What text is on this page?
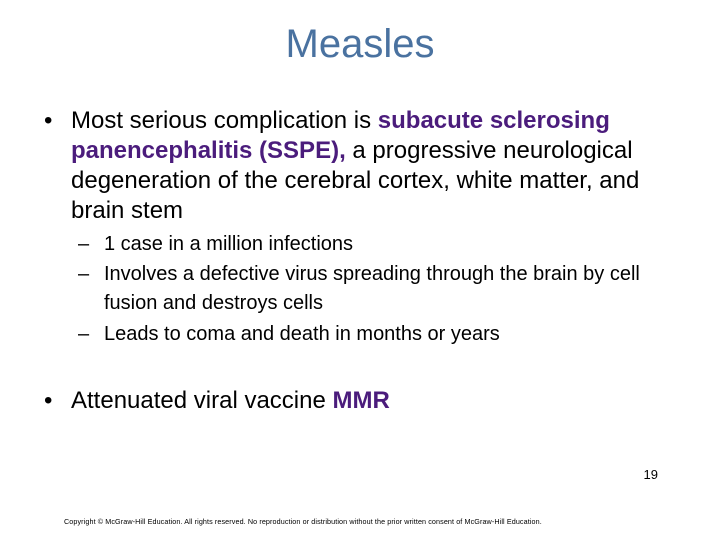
Measles
• Most serious complication is subacute sclerosing panencephalitis (SSPE), a progressive neurological degeneration of the cerebral cortex, white matter, and brain stem
– 1 case in a million infections
– Involves a defective virus spreading through the brain by cell fusion and destroys cells
– Leads to coma and death in months or years
• Attenuated viral vaccine MMR
19
Copyright © McGraw-Hill Education. All rights reserved. No reproduction or distribution without the prior written consent of McGraw-Hill Education.
